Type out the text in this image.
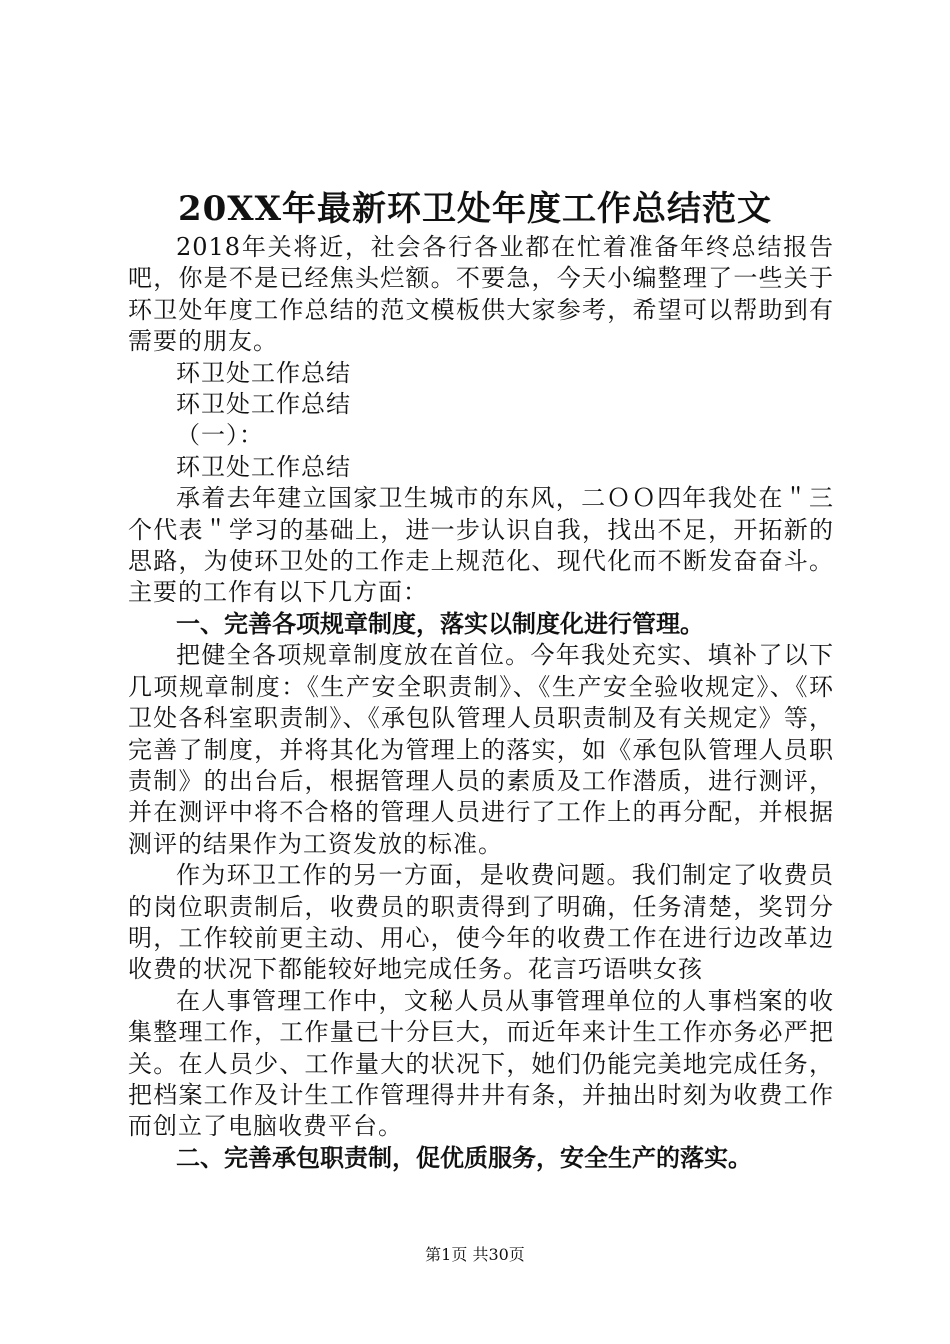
20XX年最新环卫处年度工作总结范文

2018年关将近，社会各行各业都在忙着准备年终总结报告吧，你是不是已经焦头烂额。不要急，今天小编整理了一些关于环卫处年度工作总结的范文模板供大家参考，希望可以帮助到有需要的朋友。

环卫处工作总结

环卫处工作总结

（一）：

环卫处工作总结

承着去年建立国家卫生城市的东风，二ＯＯ四年我处在＂三个代表＂学习的基础上，进一步认识自我，找出不足，开拓新的思路，为使环卫处的工作走上规范化、现代化而不断发奋奋斗。主要的工作有以下几方面：

一、完善各项规章制度，落实以制度化进行管理。

把健全各项规章制度放在首位。今年我处充实、填补了以下几项规章制度：《生产安全职责制》、《生产安全验收规定》、《环卫处各科室职责制》、《承包队管理人员职责制及有关规定》等，完善了制度，并将其化为管理上的落实，如《承包队管理人员职责制》的出台后，根据管理人员的素质及工作潜质，进行测评，并在测评中将不合格的管理人员进行了工作上的再分配，并根据测评的结果作为工资发放的标准。

作为环卫工作的另一方面，是收费问题。我们制定了收费员的岗位职责制后，收费员的职责得到了明确，任务清楚，奖罚分明，工作较前更主动、用心，使今年的收费工作在进行边改革边收费的状况下都能较好地完成任务。花言巧语哄女孩

在人事管理工作中，文秘人员从事管理单位的人事档案的收集整理工作，工作量已十分巨大，而近年来计生工作亦务必严把关。在人员少、工作量大的状况下，她们仍能完美地完成任务，把档案工作及计生工作管理得井井有条，并抽出时刻为收费工作而创立了电脑收费平台。

二、完善承包职责制，促优质服务，安全生产的落实。

第1页 共30页
